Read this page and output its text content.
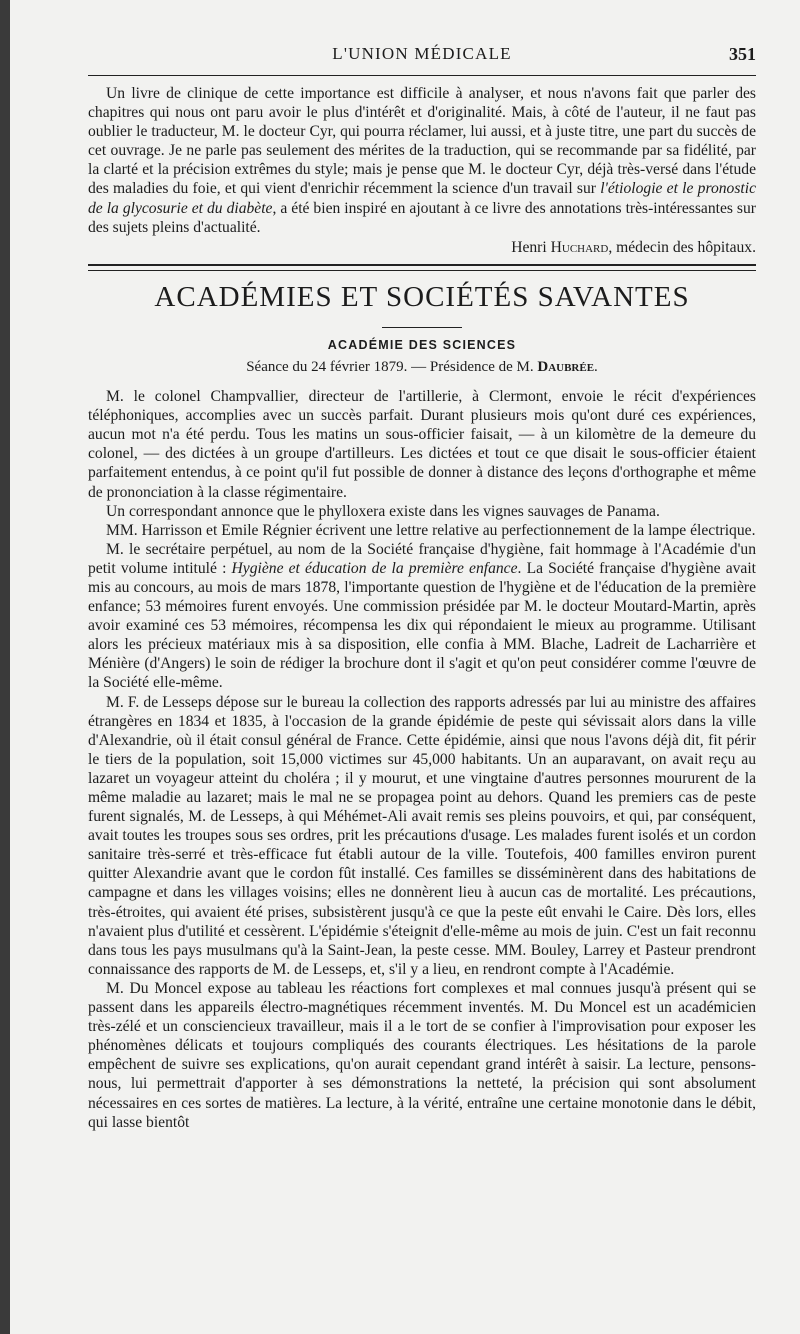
L'UNION MÉDICALE	351

Un livre de clinique de cette importance est difficile à analyser, et nous n'avons fait que parler des chapitres qui nous ont paru avoir le plus d'intérêt et d'originalité. Mais, à côté de l'auteur, il ne faut pas oublier le traducteur, M. le docteur Cyr, qui pourra réclamer, lui aussi, et à juste titre, une part du succès de cet ouvrage. Je ne parle pas seulement des mérites de la traduction, qui se recommande par sa fidélité, par la clarté et la précision extrêmes du style; mais je pense que M. le docteur Cyr, déjà très-versé dans l'étude des maladies du foie, et qui vient d'enrichir récemment la science d'un travail sur l'étiologie et le pronostic de la glycosurie et du diabète, a été bien inspiré en ajoutant à ce livre des annotations très-intéressantes sur des sujets pleins d'actualité.

Henri Huchard, médecin des hôpitaux.
ACADÉMIES ET SOCIÉTÉS SAVANTES
ACADÉMIE DES SCIENCES
Séance du 24 février 1879. — Présidence de M. Daubrée.

M. le colonel Champvallier, directeur de l'artillerie, à Clermont, envoie le récit d'expériences téléphoniques, accomplies avec un succès parfait. Durant plusieurs mois qu'ont duré ces expériences, aucun mot n'a été perdu. Tous les matins un sous-officier faisait, — à un kilomètre de la demeure du colonel, — des dictées à un groupe d'artilleurs. Les dictées et tout ce que disait le sous-officier étaient parfaitement entendus, à ce point qu'il fut possible de donner à distance des leçons d'orthographe et même de prononciation à la classe régimentaire.

Un correspondant annonce que le phylloxera existe dans les vignes sauvages de Panama.

MM. Harrisson et Emile Régnier écrivent une lettre relative au perfectionnement de la lampe électrique.

M. le secrétaire perpétuel, au nom de la Société française d'hygiène, fait hommage à l'Académie d'un petit volume intitulé : Hygiène et éducation de la première enfance. La Société française d'hygiène avait mis au concours, au mois de mars 1878, l'importante question de l'hygiène et de l'éducation de la première enfance; 53 mémoires furent envoyés. Une commission présidée par M. le docteur Moutard-Martin, après avoir examiné ces 53 mémoires, récompensa les dix qui répondaient le mieux au programme. Utilisant alors les précieux matériaux mis à sa disposition, elle confia à MM. Blache, Ladreit de Lacharrière et Ménière (d'Angers) le soin de rédiger la brochure dont il s'agit et qu'on peut considérer comme l'œuvre de la Société elle-même.

M. F. de Lesseps dépose sur le bureau la collection des rapports adressés par lui au ministre des affaires étrangères en 1834 et 1835, à l'occasion de la grande épidémie de peste qui sévissait alors dans la ville d'Alexandrie, où il était consul général de France. Cette épidémie, ainsi que nous l'avons déjà dit, fit périr le tiers de la population, soit 15,000 victimes sur 45,000 habitants. Un an auparavant, on avait reçu au lazaret un voyageur atteint du choléra ; il y mourut, et une vingtaine d'autres personnes moururent de la même maladie au lazaret; mais le mal ne se propagea point au dehors. Quand les premiers cas de peste furent signalés, M. de Lesseps, à qui Méhémet-Ali avait remis ses pleins pouvoirs, et qui, par conséquent, avait toutes les troupes sous ses ordres, prit les précautions d'usage. Les malades furent isolés et un cordon sanitaire très-serré et très-efficace fut établi autour de la ville. Toutefois, 400 familles environ purent quitter Alexandrie avant que le cordon fût installé. Ces familles se disséminèrent dans des habitations de campagne et dans les villages voisins; elles ne donnèrent lieu à aucun cas de mortalité. Les précautions, très-étroites, qui avaient été prises, subsistèrent jusqu'à ce que la peste eût envahi le Caire. Dès lors, elles n'avaient plus d'utilité et cessèrent. L'épidémie s'éteignit d'elle-même au mois de juin. C'est un fait reconnu dans tous les pays musulmans qu'à la Saint-Jean, la peste cesse. MM. Bouley, Larrey et Pasteur prendront connaissance des rapports de M. de Lesseps, et, s'il y a lieu, en rendront compte à l'Académie.

M. Du Moncel expose au tableau les réactions fort complexes et mal connues jusqu'à présent qui se passent dans les appareils électro-magnétiques récemment inventés. M. Du Moncel est un académicien très-zélé et un consciencieux travailleur, mais il a le tort de se confier à l'improvisation pour exposer les phénomènes délicats et toujours compliqués des courants électriques. Les hésitations de la parole empêchent de suivre ses explications, qu'on aurait cependant grand intérêt à saisir. La lecture, pensons-nous, lui permettrait d'apporter à ses démonstrations la netteté, la précision qui sont absolument nécessaires en ces sortes de matières. La lecture, à la vérité, entraîne une certaine monotonie dans le débit, qui lasse bientôt
